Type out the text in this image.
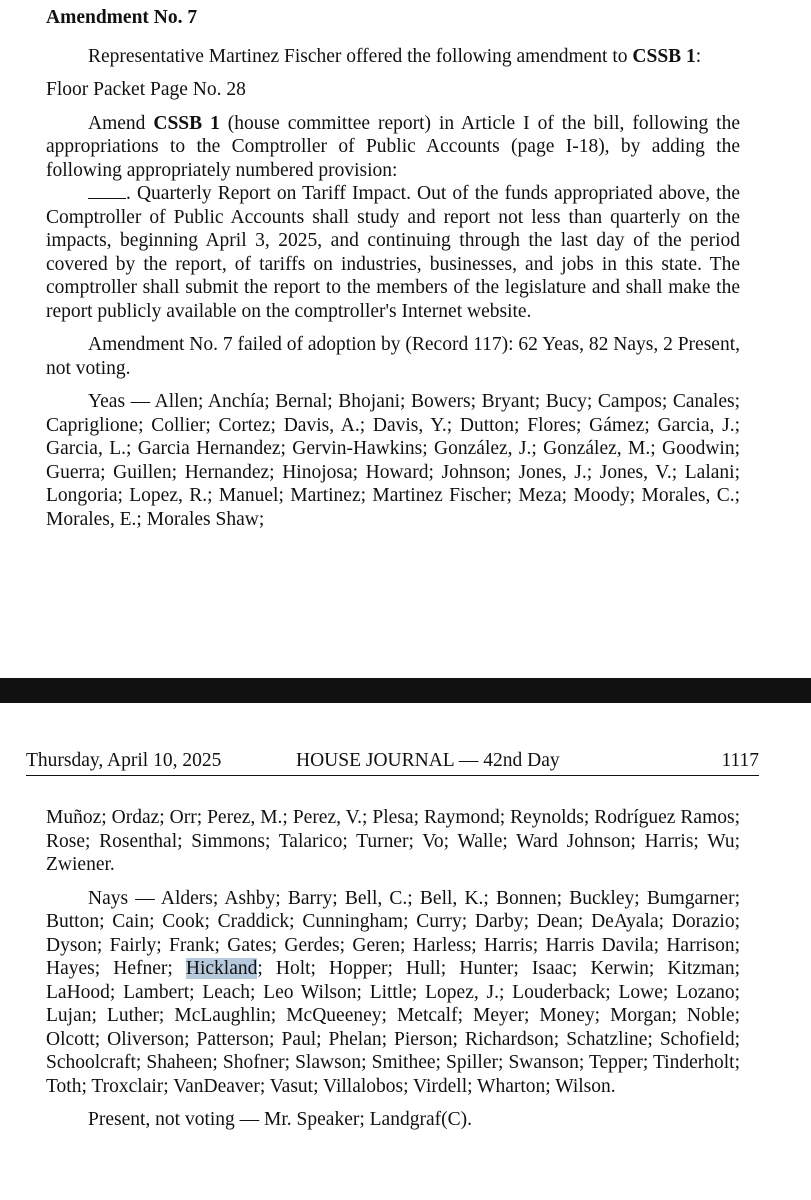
Amendment No. 7

Representative Martinez Fischer offered the following amendment to CSSB 1:

Floor Packet Page No. 28

Amend CSSB 1 (house committee report) in Article I of the bill, following the appropriations to the Comptroller of Public Accounts (page I-18), by adding the following appropriately numbered provision:

. Quarterly Report on Tariff Impact. Out of the funds appropriated above, the Comptroller of Public Accounts shall study and report not less than quarterly on the impacts, beginning April 3, 2025, and continuing through the last day of the period covered by the report, of tariffs on industries, businesses, and jobs in this state. The comptroller shall submit the report to the members of the legislature and shall make the report publicly available on the comptroller's Internet website.

Amendment No. 7 failed of adoption by (Record 117): 62 Yeas, 82 Nays, 2 Present, not voting.

Yeas — Allen; Anchía; Bernal; Bhojani; Bowers; Bryant; Bucy; Campos; Canales; Capriglione; Collier; Cortez; Davis, A.; Davis, Y.; Dutton; Flores; Gámez; Garcia, J.; Garcia, L.; Garcia Hernandez; Gervin-Hawkins; González, J.; González, M.; Goodwin; Guerra; Guillen; Hernandez; Hinojosa; Howard; Johnson; Jones, J.; Jones, V.; Lalani; Longoria; Lopez, R.; Manuel; Martinez; Martinez Fischer; Meza; Moody; Morales, C.; Morales, E.; Morales Shaw;

Thursday, April 10, 2025	HOUSE JOURNAL — 42nd Day	1117

Muñoz; Ordaz; Orr; Perez, M.; Perez, V.; Plesa; Raymond; Reynolds; Rodríguez Ramos; Rose; Rosenthal; Simmons; Talarico; Turner; Vo; Walle; Ward Johnson; Harris; Wu; Zwiener.

Nays — Alders; Ashby; Barry; Bell, C.; Bell, K.; Bonnen; Buckley; Bumgarner; Button; Cain; Cook; Craddick; Cunningham; Curry; Darby; Dean; DeAyala; Dorazio; Dyson; Fairly; Frank; Gates; Gerdes; Geren; Harless; Harris; Harris Davila; Harrison; Hayes; Hefner; Hickland; Holt; Hopper; Hull; Hunter; Isaac; Kerwin; Kitzman; LaHood; Lambert; Leach; Leo Wilson; Little; Lopez, J.; Louderback; Lowe; Lozano; Lujan; Luther; McLaughlin; McQueeney; Metcalf; Meyer; Money; Morgan; Noble; Olcott; Oliverson; Patterson; Paul; Phelan; Pierson; Richardson; Schatzline; Schofield; Schoolcraft; Shaheen; Shofner; Slawson; Smithee; Spiller; Swanson; Tepper; Tinderholt; Toth; Troxclair; VanDeaver; Vasut; Villalobos; Virdell; Wharton; Wilson.

Present, not voting — Mr. Speaker; Landgraf(C).
